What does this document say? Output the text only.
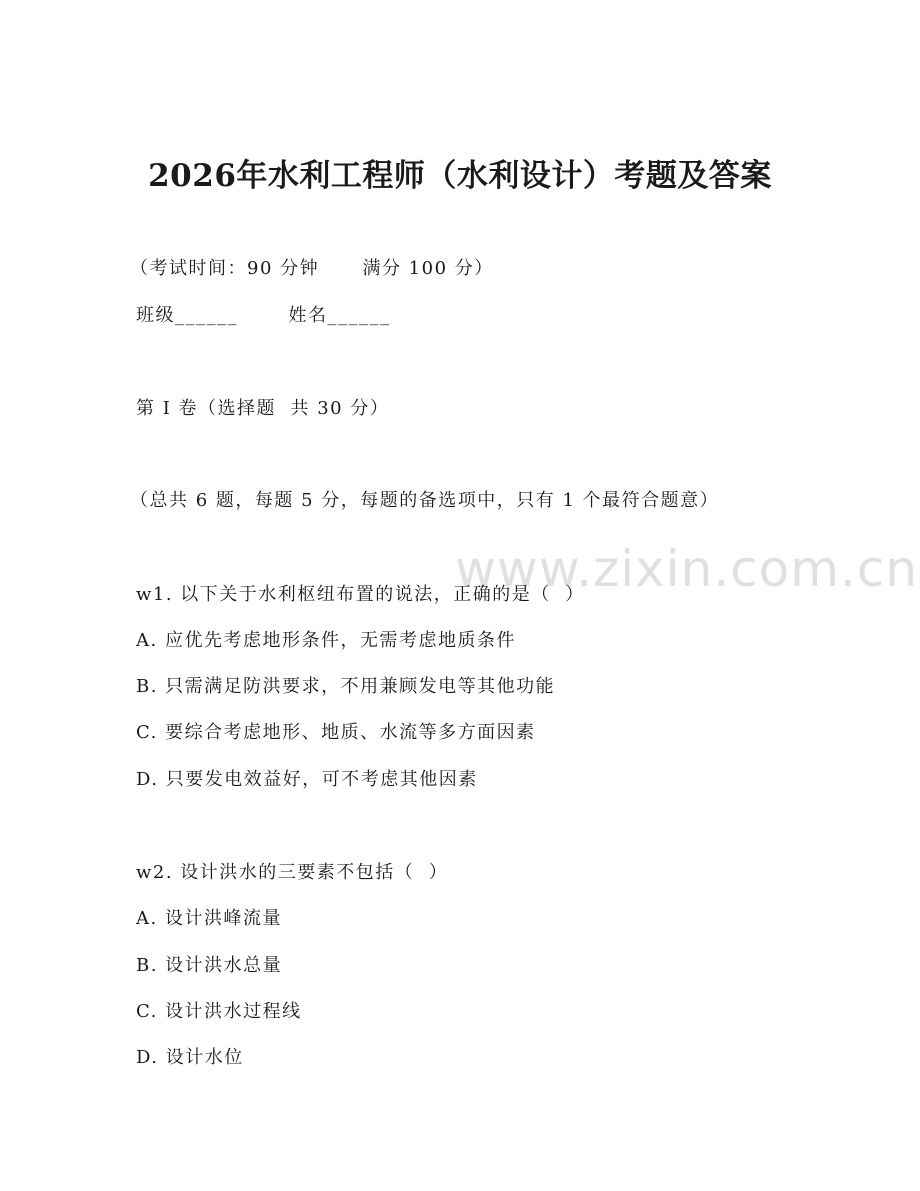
www.zixin.com.cn
2026年水利工程师（水利设计）考题及答案
（考试时间：90 分钟      满分 100 分）
班级______       姓名______
第 I 卷（选择题  共 30 分）
（总共 6 题，每题 5 分，每题的备选项中，只有 1 个最符合题意）
w1. 以下关于水利枢纽布置的说法，正确的是（  ）
A. 应优先考虑地形条件，无需考虑地质条件
B. 只需满足防洪要求，不用兼顾发电等其他功能
C. 要综合考虑地形、地质、水流等多方面因素
D. 只要发电效益好，可不考虑其他因素
w2. 设计洪水的三要素不包括（  ）
A. 设计洪峰流量
B. 设计洪水总量
C. 设计洪水过程线
D. 设计水位
